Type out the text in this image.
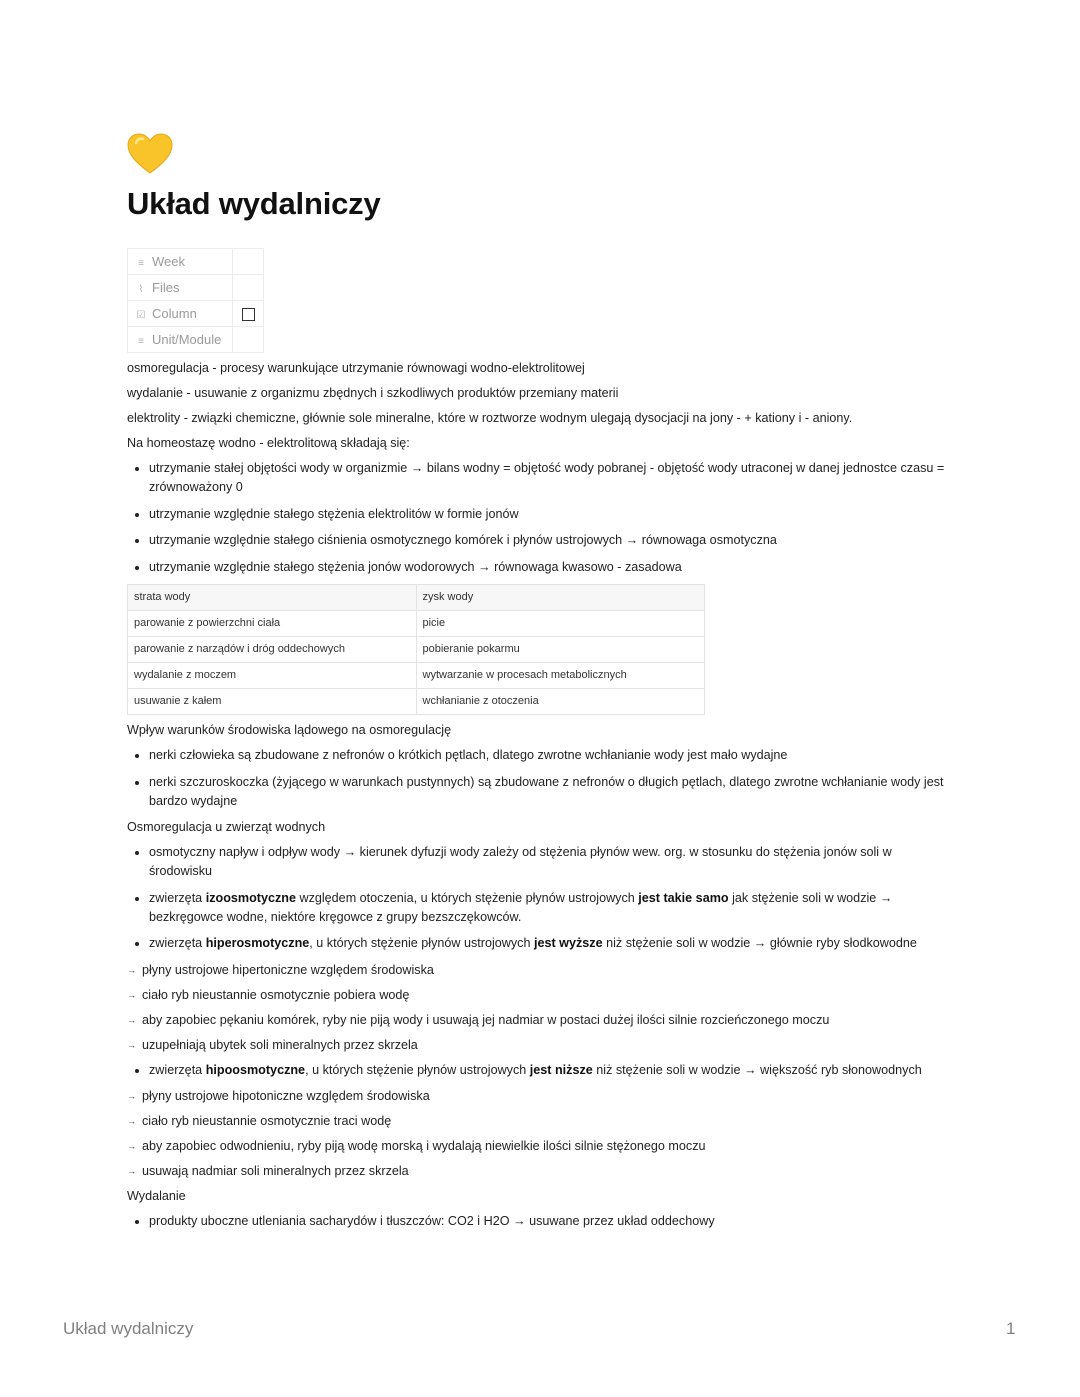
Układ wydalniczy
≡ Week	
⌇ Files	
☑ Column	
≡ Unit/Module	

osmoregulacja - procesy warunkujące utrzymanie równowagi wodno-elektrolitowej

wydalanie - usuwanie z organizmu zbędnych i szkodliwych produktów przemiany materii

elektrolity - związki chemiczne, głównie sole mineralne, które w roztworze wodnym ulegają dysocjacji na jony - + kationy i - aniony.

Na homeostazę wodno - elektrolitową składają się:

• utrzymanie stałej objętości wody w organizmie → bilans wodny = objętość wody pobranej - objętość wody utraconej w danej jednostce czasu = zrównoważony 0
• utrzymanie względnie stałego stężenia elektrolitów w formie jonów
• utrzymanie względnie stałego ciśnienia osmotycznego komórek i płynów ustrojowych → równowaga osmotyczna
• utrzymanie względnie stałego stężenia jonów wodorowych → równowaga kwasowo - zasadowa
strata wody	zysk wody
parowanie z powierzchni ciała	picie
parowanie z narządów i dróg oddechowych	pobieranie pokarmu
wydalanie z moczem	wytwarzanie w procesach metabolicznych
usuwanie z kałem	wchłanianie z otoczenia

Wpływ warunków środowiska lądowego na osmoregulację

• nerki człowieka są zbudowane z nefronów o krótkich pętlach, dlatego zwrotne wchłanianie wody jest mało wydajne
• nerki szczuroskoczka (żyjącego w warunkach pustynnych) są zbudowane z nefronów o długich pętlach, dlatego zwrotne wchłanianie wody jest bardzo wydajne

Osmoregulacja u zwierząt wodnych

• osmotyczny napływ i odpływ wody → kierunek dyfuzji wody zależy od stężenia płynów wew. org. w stosunku do stężenia jonów soli w środowisku
• zwierzęta izoosmotyczne względem otoczenia, u których stężenie płynów ustrojowych jest takie samo jak stężenie soli w wodzie → bezkręgowce wodne, niektóre kręgowce z grupy bezszczękowców.
• zwierzęta hiperosmotyczne, u których stężenie płynów ustrojowych jest wyższe niż stężenie soli w wodzie → głównie ryby słodkowodne

→ płyny ustrojowe hipertoniczne względem środowiska

→ ciało ryb nieustannie osmotycznie pobiera wodę

→ aby zapobiec pękaniu komórek, ryby nie piją wody i usuwają jej nadmiar w postaci dużej ilości silnie rozcieńczonego moczu

→ uzupełniają ubytek soli mineralnych przez skrzela

• zwierzęta hipoosmotyczne, u których stężenie płynów ustrojowych jest niższe niż stężenie soli w wodzie → większość ryb słonowodnych

→ płyny ustrojowe hipotoniczne względem środowiska

→ ciało ryb nieustannie osmotycznie traci wodę

→ aby zapobiec odwodnieniu, ryby piją wodę morską i wydalają niewielkie ilości silnie stężonego moczu

→ usuwają nadmiar soli mineralnych przez skrzela

Wydalanie

• produkty uboczne utleniania sacharydów i tłuszczów: CO2 i H2O → usuwane przez układ oddechowy
Układ wydalniczy	1
